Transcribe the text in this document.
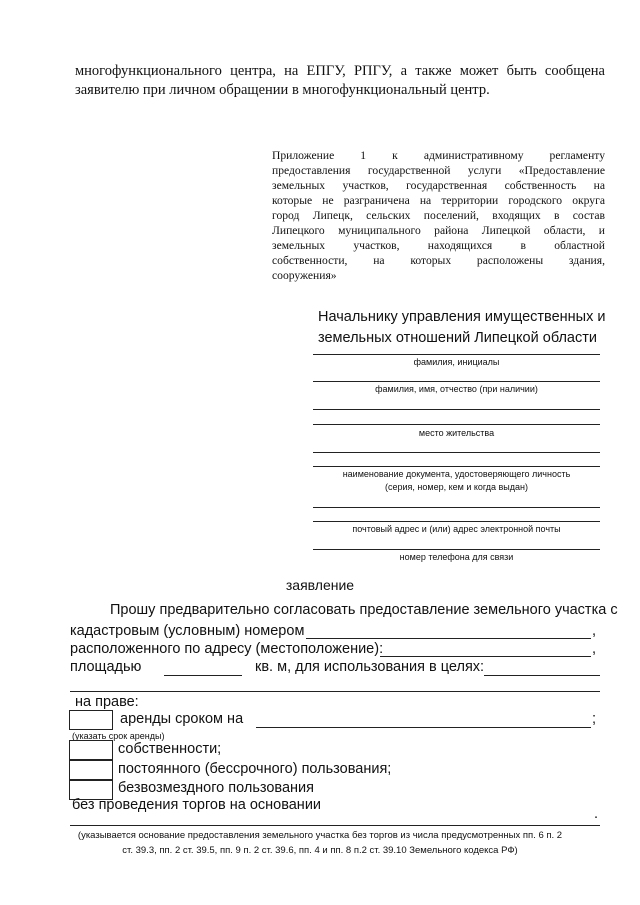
многофункционального центра, на ЕПГУ, РПГУ, а также может быть сообщена
заявителю при личном обращении в многофункциональный центр.
Приложение 1 к административному регламенту
предоставления государственной услуги «Предоставление
земельных участков, государственная собственность на
которые не разграничена на территории городского округа
город Липецк, сельских поселений, входящих в состав
Липецкого муниципального района Липецкой области, и
земельных участков, находящихся в областной
собственности, на которых расположены здания,
сооружения»
Начальнику управления имущественных и
земельных отношений Липецкой области
фамилия, инициалы
фамилия, имя, отчество (при наличии)
место жительства
наименование документа, удостоверяющего личность
(серия, номер, кем и когда выдан)
почтовый адрес и (или) адрес электронной почты
номер телефона для связи
заявление
Прошу предварительно согласовать предоставление земельного участка с
кадастровым (условным) номером	,
расположенного по адресу (местоположение):	,
площадью	кв. м, для использования в целях:
на праве:
аренды сроком на	;
(указать срок аренды)
собственности;
постоянного (бессрочного) пользования;
безвозмездного пользования
без проведения торгов на основании
.
(указывается основание предоставления земельного участка без торгов из числа предусмотренных пп. 6 п. 2
ст. 39.3, пп. 2 ст. 39.5, пп. 9 п. 2 ст. 39.6, пп. 4 и пп. 8 п.2 ст. 39.10 Земельного кодекса РФ)
